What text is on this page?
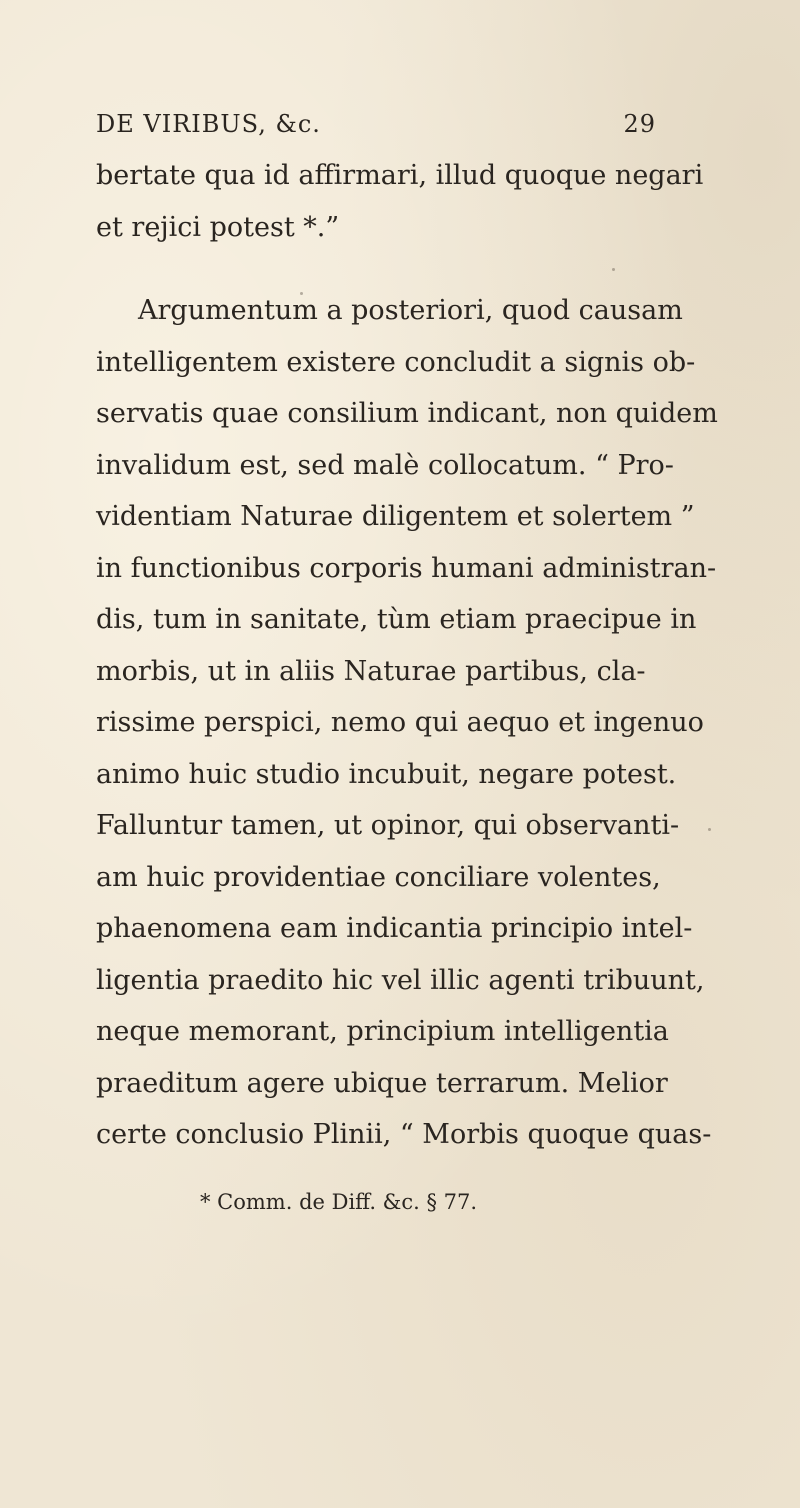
DE VIRIBUS, &c.	29
bertate qua id affirmari, illud quoque negari
et rejici potest *.”
Argumentum a posteriori, quod causam
intelligentem existere concludit a signis ob-
servatis quae consilium indicant, non quidem
invalidum est, sed malè collocatum. “ Pro-
videntiam Naturae diligentem et solertem ”
in functionibus corporis humani administran-
dis, tum in sanitate, tùm etiam praecipue in
morbis, ut in aliis Naturae partibus, cla-
rissime perspici, nemo qui aequo et ingenuo
animo huic studio incubuit, negare potest.
Falluntur tamen, ut opinor, qui observanti-
am huic providentiae conciliare volentes,
phaenomena eam indicantia principio intel-
ligentia praedito hic vel illic agenti tribuunt,
neque memorant, principium intelligentia
praeditum agere ubique terrarum. Melior
certe conclusio Plinii, “ Morbis quoque quas-
* Comm. de Diff. &c. § 77.
